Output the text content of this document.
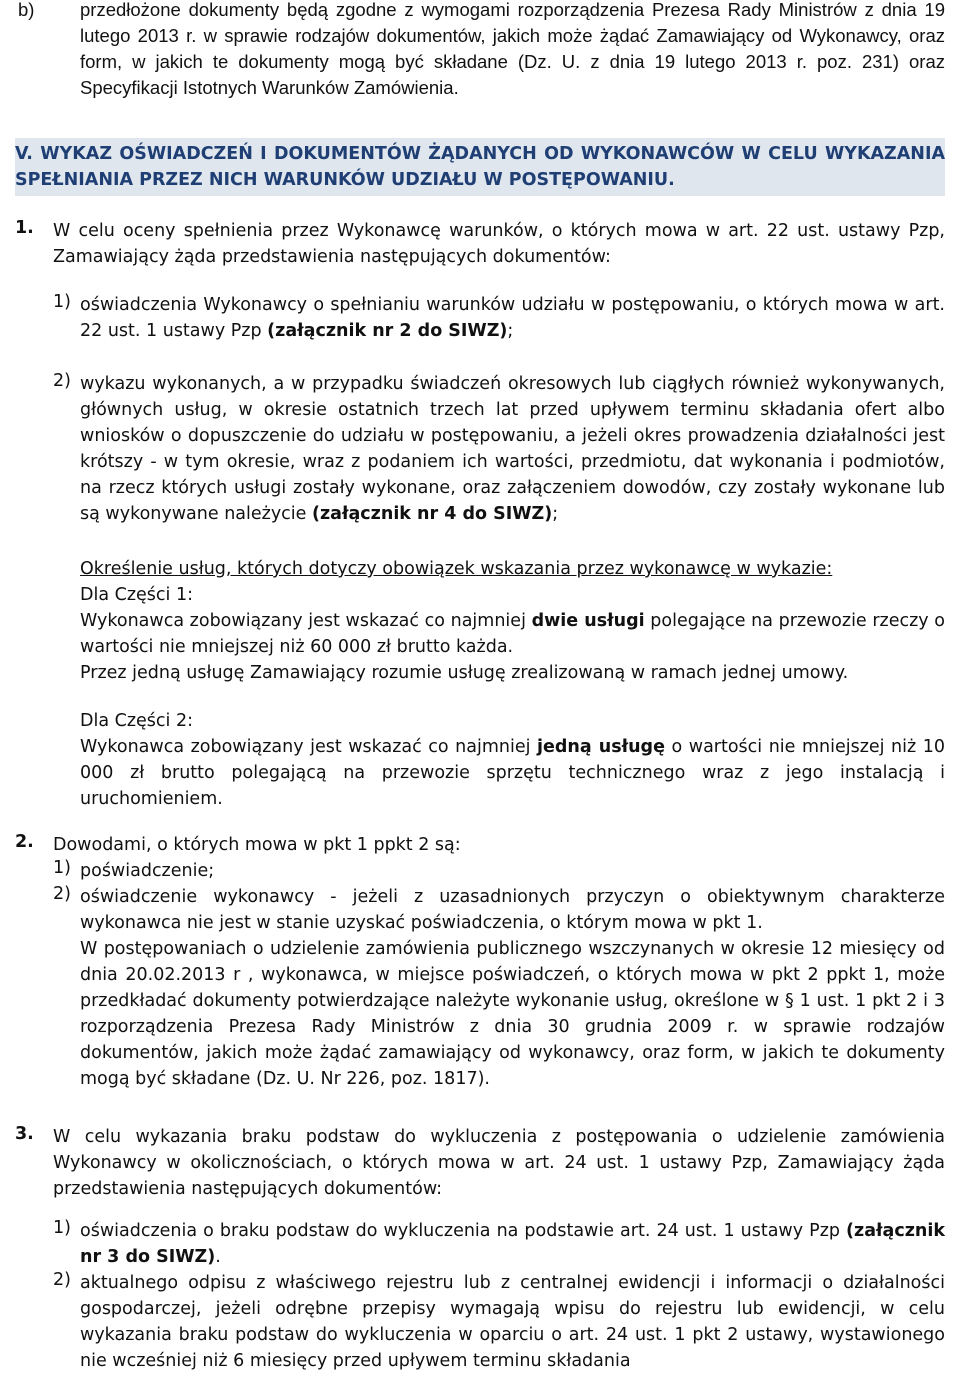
b) przedłożone dokumenty będą zgodne z wymogami rozporządzenia Prezesa Rady Ministrów z dnia 19 lutego 2013 r. w sprawie rodzajów dokumentów, jakich może żądać Zamawiający od Wykonawcy, oraz form, w jakich te dokumenty mogą być składane (Dz. U. z dnia 19 lutego 2013 r. poz. 231) oraz Specyfikacji Istotnych Warunków Zamówienia.
V. WYKAZ OŚWIADCZEŃ I DOKUMENTÓW ŻĄDANYCH OD WYKONAWCÓW W CELU WYKAZANIA SPEŁNIANIA PRZEZ NICH WARUNKÓW UDZIAŁU W POSTĘPOWANIU.
1. W celu oceny spełnienia przez Wykonawcę warunków, o których mowa w art. 22 ust. ustawy Pzp, Zamawiający żąda przedstawienia następujących dokumentów:
1) oświadczenia Wykonawcy o spełnianiu warunków udziału w postępowaniu, o których mowa w art. 22 ust. 1 ustawy Pzp (załącznik nr 2 do SIWZ);
2) wykazu wykonanych, a w przypadku świadczeń okresowych lub ciągłych również wykonywanych, głównych usług, w okresie ostatnich trzech lat przed upływem terminu składania ofert albo wniosków o dopuszczenie do udziału w postępowaniu, a jeżeli okres prowadzenia działalności jest krótszy - w tym okresie, wraz z podaniem ich wartości, przedmiotu, dat wykonania i podmiotów, na rzecz których usługi zostały wykonane, oraz załączeniem dowodów, czy zostały wykonane lub są wykonywane należycie (załącznik nr 4 do SIWZ);
Określenie usług, których dotyczy obowiązek wskazania przez wykonawcę w wykazie:
Dla Części 1:
Wykonawca zobowiązany jest wskazać co najmniej dwie usługi polegające na przewozie rzeczy o wartości nie mniejszej niż 60 000 zł brutto każda.
Przez jedną usługę Zamawiający rozumie usługę zrealizowaną w ramach jednej umowy.
Dla Części 2:
Wykonawca zobowiązany jest wskazać co najmniej jedną usługę o wartości nie mniejszej niż 10 000 zł brutto polegającą na przewozie sprzętu technicznego wraz z jego instalacją i uruchomieniem.
2. Dowodami, o których mowa w pkt 1 ppkt 2 są:
1) poświadczenie;
2) oświadczenie wykonawcy - jeżeli z uzasadnionych przyczyn o obiektywnym charakterze wykonawca nie jest w stanie uzyskać poświadczenia, o którym mowa w pkt 1.
W postępowaniach o udzielenie zamówienia publicznego wszczynanych w okresie 12 miesięcy od dnia 20.02.2013 r , wykonawca, w miejsce poświadczeń, o których mowa w pkt 2 ppkt 1, może przedkładać dokumenty potwierdzające należyte wykonanie usług, określone w § 1 ust. 1 pkt 2 i 3 rozporządzenia Prezesa Rady Ministrów z dnia 30 grudnia 2009 r. w sprawie rodzajów dokumentów, jakich może żądać zamawiający od wykonawcy, oraz form, w jakich te dokumenty mogą być składane (Dz. U. Nr 226, poz. 1817).
3. W celu wykazania braku podstaw do wykluczenia z postępowania o udzielenie zamówienia Wykonawcy w okolicznościach, o których mowa w art. 24 ust. 1 ustawy Pzp, Zamawiający żąda przedstawienia następujących dokumentów:
1) oświadczenia o braku podstaw do wykluczenia na podstawie art. 24 ust. 1 ustawy Pzp (załącznik nr 3 do SIWZ).
2) aktualnego odpisu z właściwego rejestru lub z centralnej ewidencji i informacji o działalności gospodarczej, jeżeli odrębne przepisy wymagają wpisu do rejestru lub ewidencji, w celu wykazania braku podstaw do wykluczenia w oparciu o art. 24 ust. 1 pkt 2 ustawy, wystawionego nie wcześniej niż 6 miesięcy przed upływem terminu składania
